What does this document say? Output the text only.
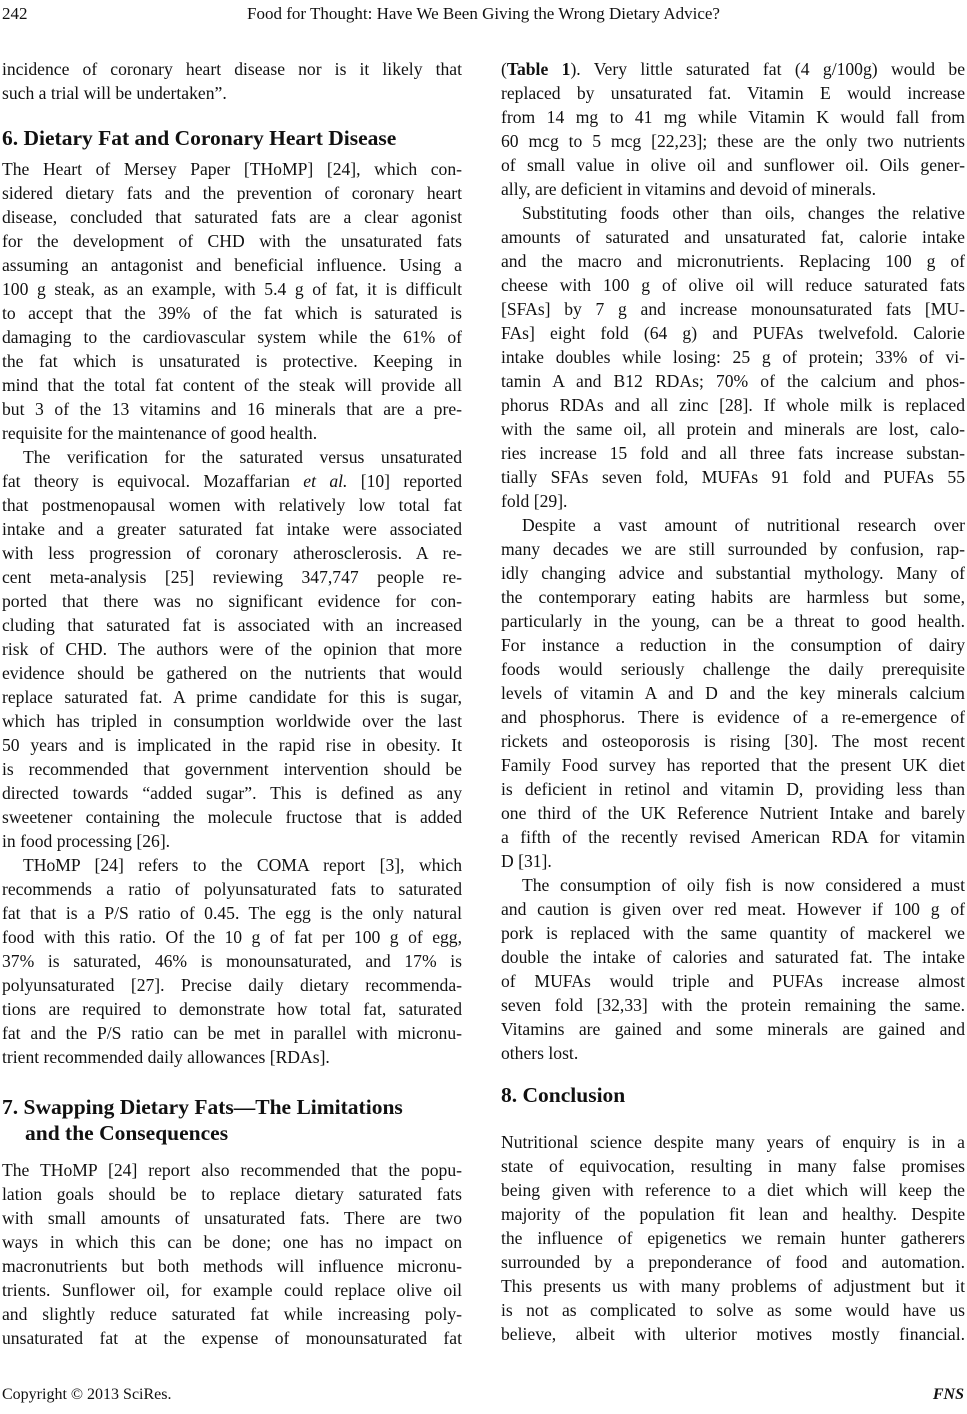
242	Food for Thought: Have We Been Giving the Wrong Dietary Advice?
6. Dietary Fat and Coronary Heart Disease
7. Swapping Dietary Fats—The Limitations
and the Consequences
incidence of coronary heart disease nor is it likely that
such a trial will be undertaken”.
The Heart of Mersey Paper [THoMP] [24], which con-
sidered dietary fats and the prevention of coronary heart
disease, concluded that saturated fats are a clear agonist
for the development of CHD with the unsaturated fats
assuming an antagonist and beneficial influence. Using a
100 g steak, as an example, with 5.4 g of fat, it is difficult
to accept that the 39% of the fat which is saturated is
damaging to the cardiovascular system while the 61% of
the fat which is unsaturated is protective. Keeping in
mind that the total fat content of the steak will provide all
but 3 of the 13 vitamins and 16 minerals that are a pre-
requisite for the maintenance of good health.
The verification for the saturated versus unsaturated
fat theory is equivocal. Mozaffarian et al. [10] reported
that postmenopausal women with relatively low total fat
intake and a greater saturated fat intake were associated
with less progression of coronary atherosclerosis. A re-
cent meta-analysis [25] reviewing 347,747 people re-
ported that there was no significant evidence for con-
cluding that saturated fat is associated with an increased
risk of CHD. The authors were of the opinion that more
evidence should be gathered on the nutrients that would
replace saturated fat. A prime candidate for this is sugar,
which has tripled in consumption worldwide over the last
50 years and is implicated in the rapid rise in obesity. It
is recommended that government intervention should be
directed towards “added sugar”. This is defined as any
sweetener containing the molecule fructose that is added
in food processing [26].
THoMP [24] refers to the COMA report [3], which
recommends a ratio of polyunsaturated fats to saturated
fat that is a P/S ratio of 0.45. The egg is the only natural
food with this ratio. Of the 10 g of fat per 100 g of egg,
37% is saturated, 46% is monounsaturated, and 17% is
polyunsaturated [27]. Precise daily dietary recommenda-
tions are required to demonstrate how total fat, saturated
fat and the P/S ratio can be met in parallel with micronu-
trient recommended daily allowances [RDAs].
The THoMP [24] report also recommended that the popu-
lation goals should be to replace dietary saturated fats
with small amounts of unsaturated fats. There are two
ways in which this can be done; one has no impact on
macronutrients but both methods will influence micronu-
trients. Sunflower oil, for example could replace olive oil
and slightly reduce saturated fat while increasing poly-
unsaturated fat at the expense of monounsaturated fat
8. Conclusion
(Table 1). Very little saturated fat (4 g/100g) would be
replaced by unsaturated fat. Vitamin E would increase
from 14 mg to 41 mg while Vitamin K would fall from
60 mcg to 5 mcg [22,23]; these are the only two nutrients
of small value in olive oil and sunflower oil. Oils gener-
ally, are deficient in vitamins and devoid of minerals.
Substituting foods other than oils, changes the relative
amounts of saturated and unsaturated fat, calorie intake
and the macro and micronutrients. Replacing 100 g of
cheese with 100 g of olive oil will reduce saturated fats
[SFAs] by 7 g and increase monounsaturated fats [MU-
FAs] eight fold (64 g) and PUFAs twelvefold. Calorie
intake doubles while losing: 25 g of protein; 33% of vi-
tamin A and B12 RDAs; 70% of the calcium and phos-
phorus RDAs and all zinc [28]. If whole milk is replaced
with the same oil, all protein and minerals are lost, calo-
ries increase 15 fold and all three fats increase substan-
tially SFAs seven fold, MUFAs 91 fold and PUFAs 55
fold [29].
Despite a vast amount of nutritional research over
many decades we are still surrounded by confusion, rap-
idly changing advice and substantial mythology. Many of
the contemporary eating habits are harmless but some,
particularly in the young, can be a threat to good health.
For instance a reduction in the consumption of dairy
foods would seriously challenge the daily prerequisite
levels of vitamin A and D and the key minerals calcium
and phosphorus. There is evidence of a re-emergence of
rickets and osteoporosis is rising [30]. The most recent
Family Food survey has reported that the present UK diet
is deficient in retinol and vitamin D, providing less than
one third of the UK Reference Nutrient Intake and barely
a fifth of the recently revised American RDA for vitamin
D [31].
The consumption of oily fish is now considered a must
and caution is given over red meat. However if 100 g of
pork is replaced with the same quantity of mackerel we
double the intake of calories and saturated fat. The intake
of MUFAs would triple and PUFAs increase almost
seven fold [32,33] with the protein remaining the same.
Vitamins are gained and some minerals are gained and
others lost.
Nutritional science despite many years of enquiry is in a
state of equivocation, resulting in many false promises
being given with reference to a diet which will keep the
majority of the population fit lean and healthy. Despite
the influence of epigenetics we remain hunter gatherers
surrounded by a preponderance of food and automation.
This presents us with many problems of adjustment but it
is not as complicated to solve as some would have us
believe, albeit with ulterior motives mostly financial.
Copyright © 2013 SciRes.	FNS
